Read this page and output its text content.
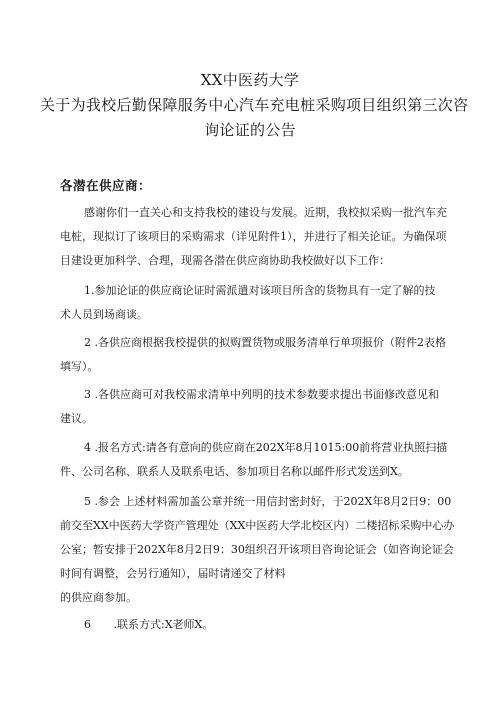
XX中医药大学
关于为我校后勤保障服务中心汽车充电桩采购项目组织第三次咨
询论证的公告
各潜在供应商：
感谢你们一直关心和支持我校的建设与发展。近期，我校拟采购一批汽车充
电桩，现拟订了该项目的采购需求（详见附件1），并进行了相关论证。为确保项
目建设更加科学、合理，现需各潜在供应商协助我校做好以下工作：
1.参加论证的供应商论证时需派遣对该项目所含的货物具有一定了解的技
术人员到场商谈。
2 .各供应商根据我校提供的拟购置货物或服务清单行单项报价（附件2表格
填写）。
3 .各供应商可对我校需求清单中列明的技术参数要求提出书面修改意见和
建议。
4 .报名方式:请各有意向的供应商在202X年8月1015:00前将营业执照扫描
件、公司名称、联系人及联系电话、参加项目名称以邮件形式发送到X。
5 .参会 上述材料需加盖公章并统一用信封密封好，于202X年8月2日9：00
前交至XX中医药大学资产管理处（XX中医药大学北校区内）二楼招标采购中心办
公室；暂安排于202X年8月2日9：30组织召开该项目咨询论证会（如咨询论证会
时间有调整，会另行通知），届时请递交了材料
的供应商参加。
6 .联系方式:X老师X。
